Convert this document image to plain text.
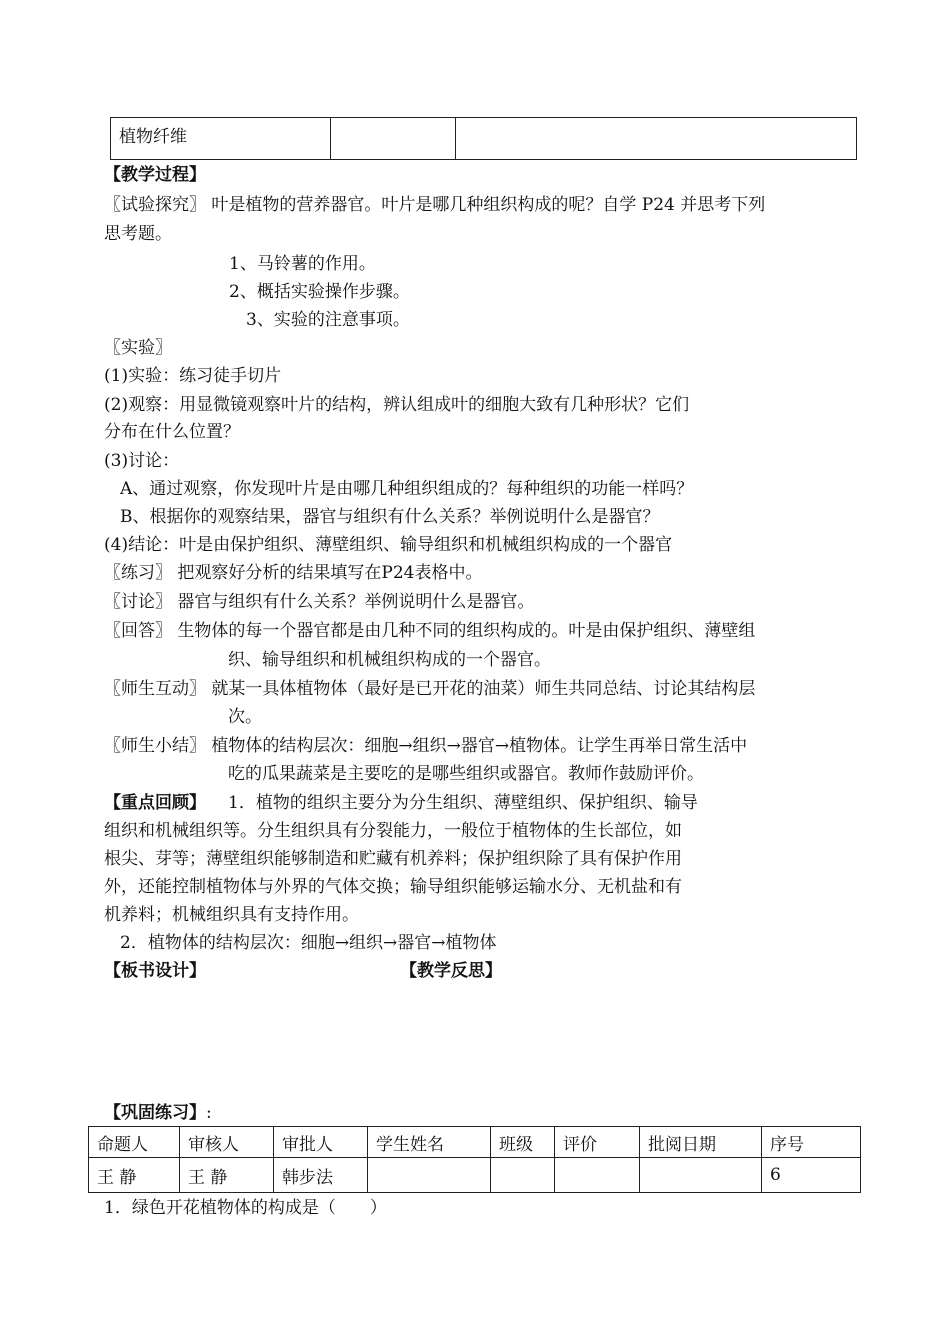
植物纤维		
【教学过程】
〖试验探究〗 叶是植物的营养器官。叶片是哪几种组织构成的呢？自学 P24 并思考下列
思考题。
1、马铃薯的作用。
2、概括实验操作步骤。
3、实验的注意事项。
〖实验〗
(1)实验：练习徒手切片
(2)观察：用显微镜观察叶片的结构，辨认组成叶的细胞大致有几种形状？它们
分布在什么位置？
(3)讨论：
A、通过观察，你发现叶片是由哪几种组织组成的？每种组织的功能一样吗？
B、根据你的观察结果，器官与组织有什么关系？举例说明什么是器官？
(4)结论：叶是由保护组织、薄壁组织、输导组织和机械组织构成的一个器官
〖练习〗 把观察好分析的结果填写在P24表格中。
〖讨论〗 器官与组织有什么关系？举例说明什么是器官。
〖回答〗 生物体的每一个器官都是由几种不同的组织构成的。叶是由保护组织、薄壁组
织、输导组织和机械组织构成的一个器官。
〖师生互动〗 就某一具体植物体（最好是已开花的油菜）师生共同总结、讨论其结构层
次。
〖师生小结〗 植物体的结构层次：细胞→组织→器官→植物体。让学生再举日常生活中
吃的瓜果蔬菜是主要吃的是哪些组织或器官。教师作鼓励评价。
【重点回顾】 1．植物的组织主要分为分生组织、薄壁组织、保护组织、输导
组织和机械组织等。分生组织具有分裂能力，一般位于植物体的生长部位，如
根尖、芽等；薄壁组织能够制造和贮藏有机养料；保护组织除了具有保护作用
外，还能控制植物体与外界的气体交换；输导组织能够运输水分、无机盐和有
机养料；机械组织具有支持作用。
2．植物体的结构层次：细胞→组织→器官→植物体
【板书设计】	【教学反思】
【巩固练习】:
命题人	审核人	审批人	学生姓名	班级	评价	批阅日期	序号
王 静	王 静	韩步法					6
1．绿色开花植物体的构成是（　　）
